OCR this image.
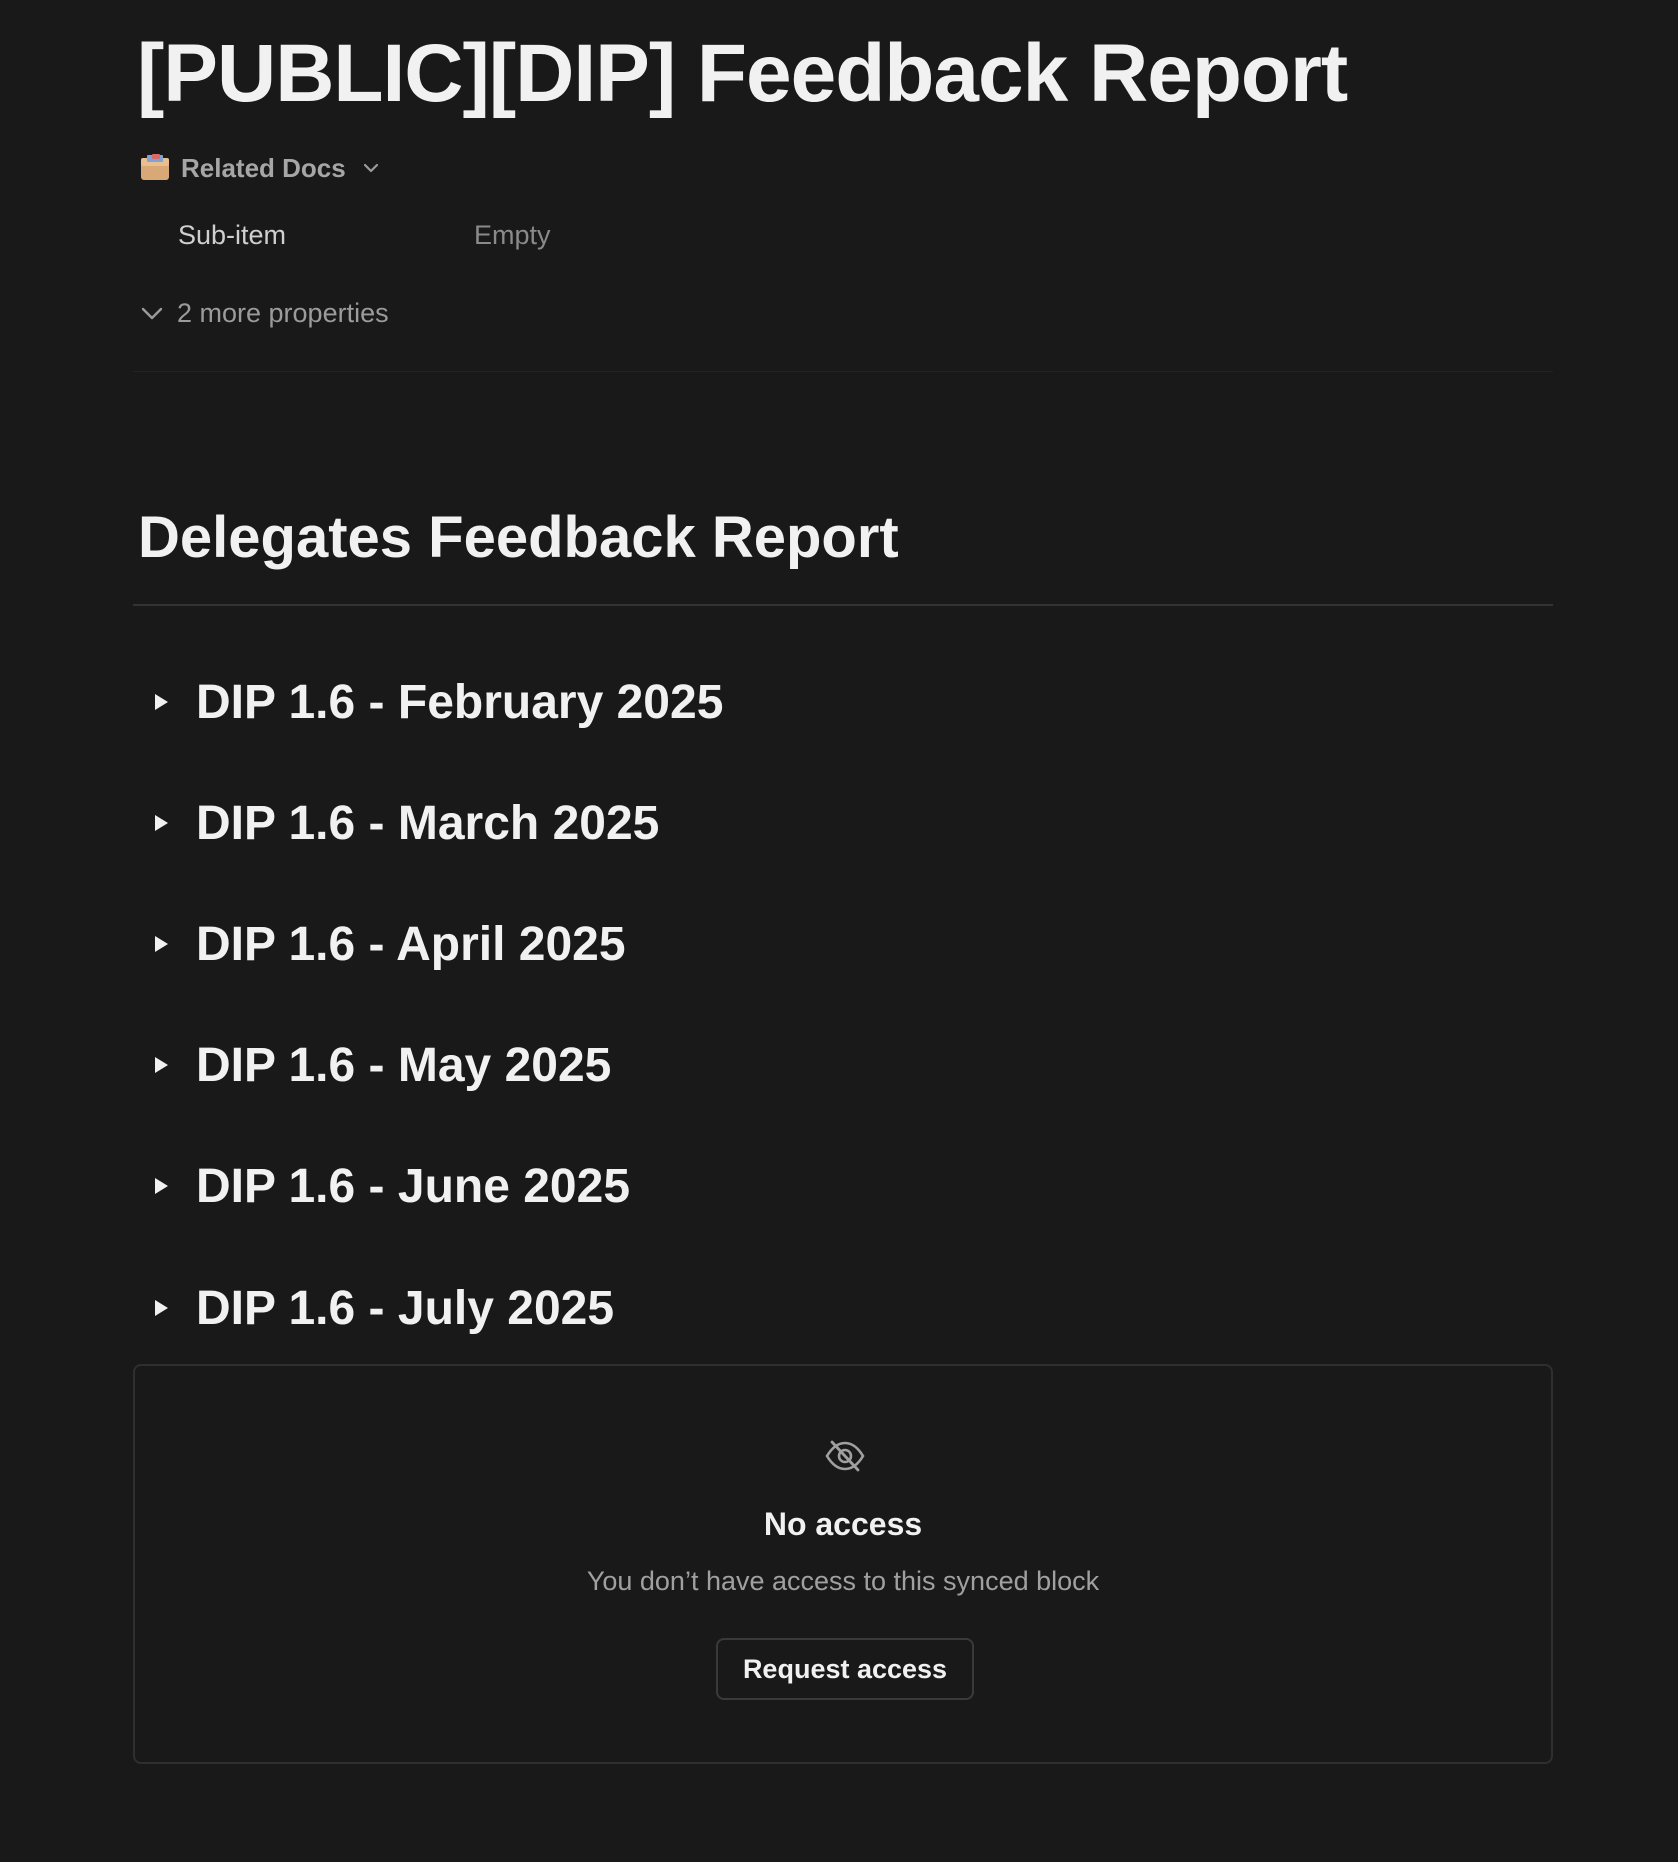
[PUBLIC][DIP] Feedback Report
Related Docs
Sub-item	Empty
2 more properties
Delegates Feedback Report
DIP 1.6 - February 2025
DIP 1.6 - March 2025
DIP 1.6 - April 2025
DIP 1.6 - May 2025
DIP 1.6 - June 2025
DIP 1.6 - July 2025
No access
You don’t have access to this synced block
Request access
